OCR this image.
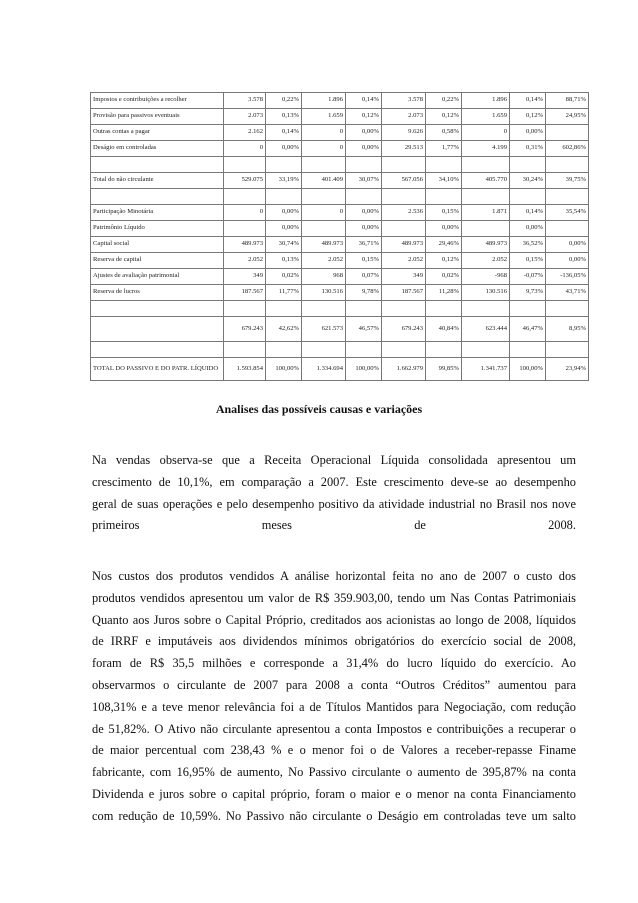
Impostos e contribuições a recolher	3.578	0,22%	1.896	0,14%	3.578	0,22%	1.896	0,14%	88,71%
Provisão para passivos eventuais	2.073	0,13%	1.659	0,12%	2.073	0,12%	1.659	0,12%	24,95%
Outras contas a pagar	2.162	0,14%	0	0,00%	9.626	0,58%	0	0,00%	
Deságio em controladas	0	0,00%	0	0,00%	29.513	1,77%	4.199	0,31%	602,86%

Total do não circulante	529.075	33,19%	401.409	30,07%	567.056	34,10%	405.770	30,24%	39,75%

Participação Minotária	0	0,00%	0	0,00%	2.536	0,15%	1.871	0,14%	35,54%
Patrimônio Líquido		0,00%		0,00%		0,00%		0,00%	
Capital social	489.973	30,74%	489.973	36,71%	489.973	29,46%	489.973	36,52%	0,00%
Reserva de capital	2.052	0,13%	2.052	0,15%	2.052	0,12%	2.052	0,15%	0,00%
Ajustes de avaliação patrimonial	349	0,02%	968	0,07%	349	0,02%	-968	-0,07%	-136,05%
Reserva de lucros	187.567	11,77%	130.516	9,78%	187.567	11,28%	130.516	9,73%	43,71%

	679.243	42,62%	621.573	46,57%	679.243	40,84%	623.444	46,47%	8,95%

TOTAL DO PASSIVO E DO PATR. LÍQUIDO	1.593.854	100,00%	1.334.694	100,00%	1.662.979	99,85%	1.341.737	100,00%	23,94%
Analises das possíveis causas e variações
Na vendas observa-se que a Receita Operacional Líquida consolidada apresentou um
crescimento de 10,1%, em comparação a 2007. Este crescimento deve-se ao desempenho
geral de suas operações e pelo desempenho positivo da atividade industrial no Brasil nos nove
primeiros	meses	de	2008.
Nos custos dos produtos vendidos A análise horizontal feita no ano de 2007 o custo dos
produtos vendidos apresentou um valor de R$ 359.903,00, tendo um Nas Contas Patrimoniais
Quanto aos Juros sobre o Capital Próprio, creditados aos acionistas ao longo de 2008, líquidos
de IRRF e imputáveis aos dividendos mínimos obrigatórios do exercício social de 2008,
foram de R$ 35,5 milhões e corresponde a 31,4% do lucro líquido do exercício. Ao
observarmos o circulante de 2007 para 2008 a conta “Outros Créditos” aumentou para
108,31% e a teve menor relevância foi a de Títulos Mantidos para Negociação, com redução
de 51,82%. O Ativo não circulante apresentou a conta Impostos e contribuições a recuperar o
de maior percentual com 238,43 % e o menor foi o de Valores a receber-repasse Finame
fabricante, com 16,95% de aumento, No Passivo circulante o aumento de 395,87% na conta
Dividenda e juros sobre o capital próprio, foram o maior e o menor na conta Financiamento
com redução de 10,59%. No Passivo não circulante o Deságio em controladas teve um salto
